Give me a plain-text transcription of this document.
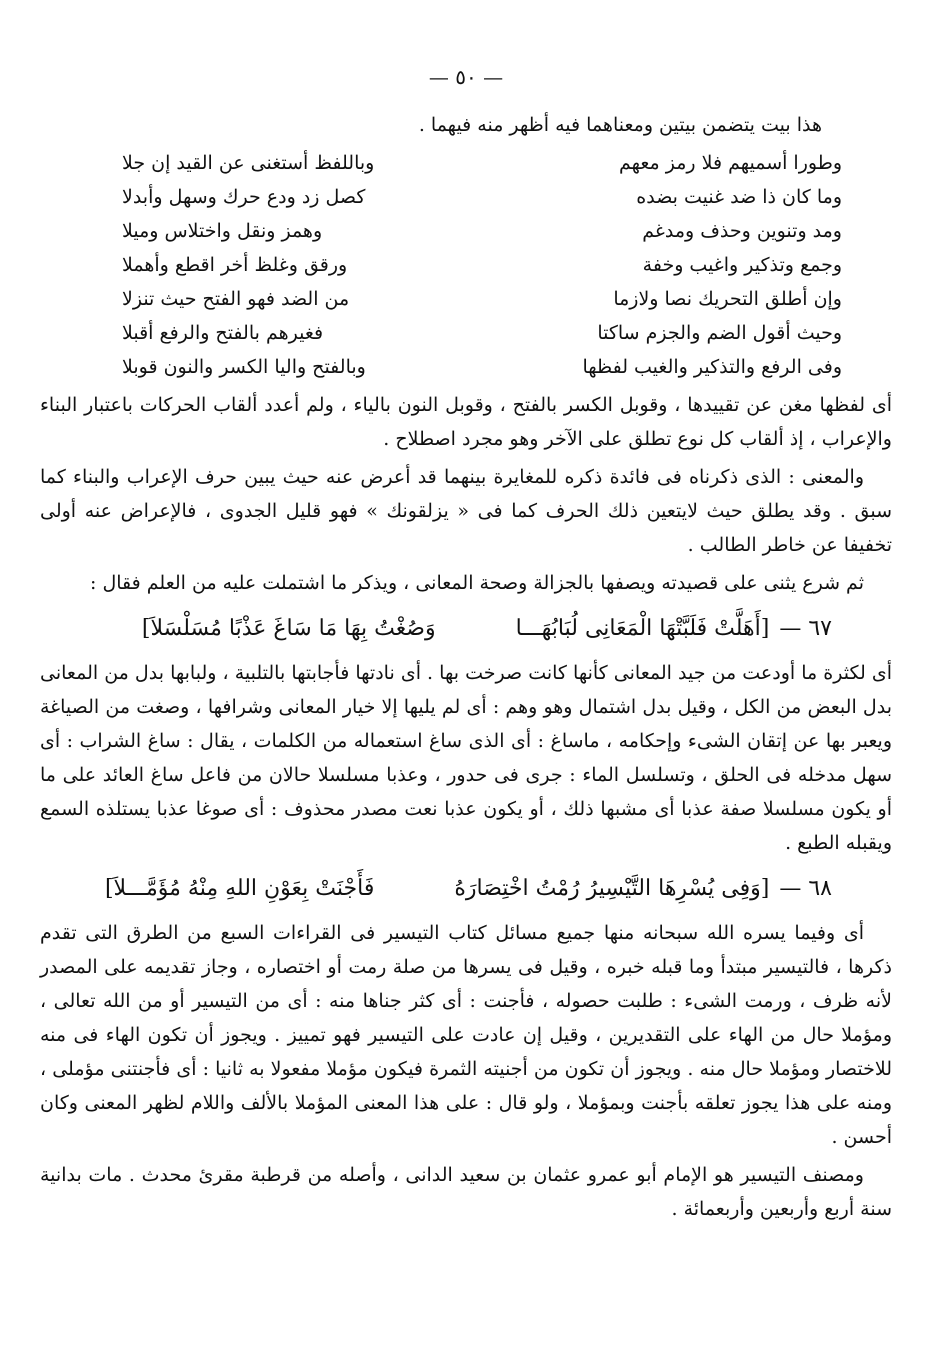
— ٥٠ —
هذا بيت يتضمن بيتين ومعناهما فيه أظهر منه فيهما .
وطورا أسميهم فلا رمز معهم
وباللفظ أستغنى عن القيد إن جلا
وما كان ذا ضد غنيت بضده
كصل زد ودع حرك وسهل وأبدلا
ومد وتنوين وحذف ومدغم
وهمز ونقل واختلاس وميلا
وجمع وتذكير واغيب وخفة
ورقق وغلظ أخر اقطع وأهملا
وإن أطلق التحريك نصا ولازما
من الضد فهو الفتح حيث تنزلا
وحيث أقول الضم والجزم ساكتا
فغيرهم بالفتح والرفع أقبلا
وفى الرفع والتذكير والغيب لفظها
وبالفتح واليا الكسر والنون قوبلا

أى لفظها مغن عن تقييدها ، وقوبل الكسر بالفتح ، وقوبل النون بالياء ، ولم أعدد ألقاب الحركات باعتبار البناء والإعراب ، إذ ألقاب كل نوع تطلق على الآخر وهو مجرد اصطلاح .

والمعنى : الذى ذكرناه فى فائدة ذكره للمغايرة بينهما قد أعرض عنه حيث يبين حرف الإعراب والبناء كما سبق . وقد يطلق حيث لايتعين ذلك الحرف كما فى « يزلقونك » فهو قليل الجدوى ، فالإعراض عنه أولى تخفيفا عن خاطر الطالب .

ثم شرع يثنى على قصيدته ويصفها بالجزالة وصحة المعانى ، ويذكر ما اشتملت عليه من العلم فقال :

٦٧ —
[أَهَلَّتْ فَلَبَّتْهَا الْمَعَانِى لُبَابُهَـــا
وَصُغْتُ بِهَا مَا سَاغَ عَذْبًا مُسَلْسَلاَ]

أى لكثرة ما أودعت من جيد المعانى كأنها كانت صرخت بها . أى نادتها فأجابتها بالتلبية ، ولبابها بدل من المعانى بدل البعض من الكل ، وقيل بدل اشتمال وهو وهم : أى لم يليها إلا خيار المعانى وشرافها ، وصغت من الصياغة ويعبر بها عن إتقان الشىء وإحكامه ، ماساغ : أى الذى ساغ استعماله من الكلمات ، يقال : ساغ الشراب : أى سهل مدخله فى الحلق ، وتسلسل الماء : جرى فى حدور ، وعذبا مسلسلا حالان من فاعل ساغ العائد على ما أو يكون مسلسلا صفة عذبا أى مشبها ذلك ، أو يكون عذبا نعت مصدر محذوف : أى صوغا عذبا يستلذه السمع ويقبله الطبع .

٦٨ —
[وَفِى يُسْرِهَا التَّيْسِيرُ رُمْتُ اخْتِصَارَهُ
فَأَجْنَتْ بِعَوْنِ اللهِ مِنْهُ مُؤَمَّـــلاَ]

أى وفيما يسره الله سبحانه منها جميع مسائل كتاب التيسير فى القراءات السبع من الطرق التى تقدم ذكرها ، فالتيسير مبتدأ وما قبله خبره ، وقيل فى يسرها من صلة رمت أو اختصاره ، وجاز تقديمه على المصدر لأنه ظرف ، ورمت الشىء : طلبت حصوله ، فأجنت : أى كثر جناها منه : أى من التيسير أو من الله تعالى ، ومؤملا حال من الهاء على التقديرين ، وقيل إن عادت على التيسير فهو تمييز . ويجوز أن تكون الهاء فى منه للاختصار ومؤملا حال منه . ويجوز أن تكون من أجنيته الثمرة فيكون مؤملا مفعولا به ثانيا : أى فأجنتنى مؤملى ، ومنه على هذا يجوز تعلقه بأجنت وبمؤملا ، ولو قال : على هذا المعنى المؤملا بالألف واللام لظهر المعنى وكان أحسن .

ومصنف التيسير هو الإمام أبو عمرو عثمان بن سعيد الدانى ، وأصله من قرطبة مقرئ محدث . مات بدانية سنة أربع وأربعين وأربعمائة .
